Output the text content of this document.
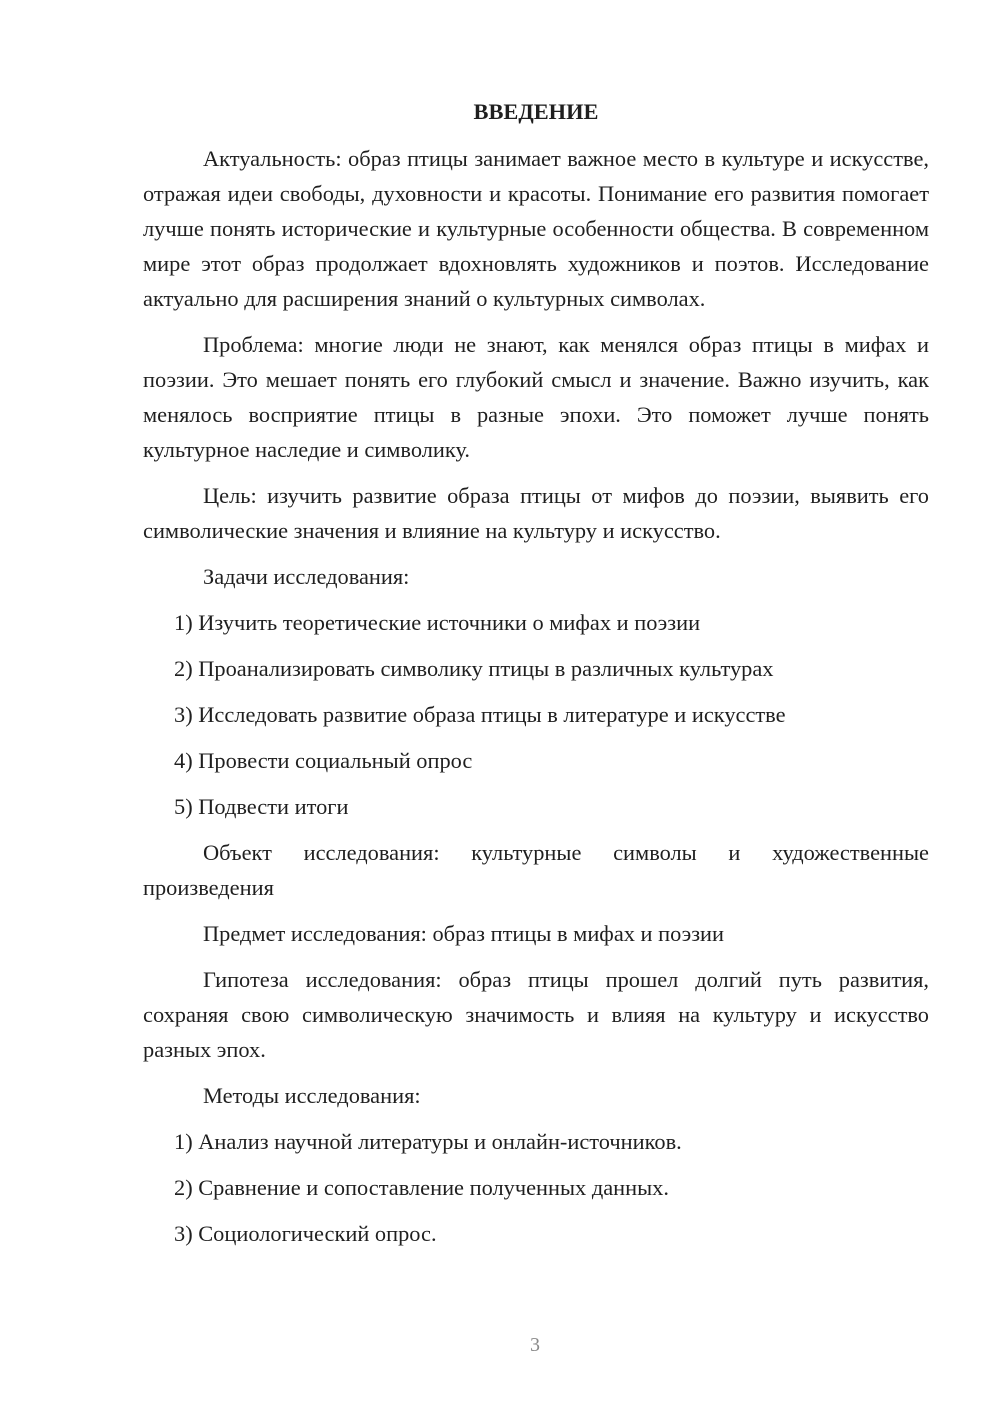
ВВЕДЕНИЕ

Актуальность: образ птицы занимает важное место в культуре и искусстве, отражая идеи свободы, духовности и красоты. Понимание его развития помогает лучше понять исторические и культурные особенности общества. В современном мире этот образ продолжает вдохновлять художников и поэтов. Исследование актуально для расширения знаний о культурных символах.

Проблема: многие люди не знают, как менялся образ птицы в мифах и поэзии. Это мешает понять его глубокий смысл и значение. Важно изучить, как менялось восприятие птицы в разные эпохи. Это поможет лучше понять культурное наследие и символику.

Цель: изучить развитие образа птицы от мифов до поэзии, выявить его символические значения и влияние на культуру и искусство.

Задачи исследования:

1) Изучить теоретические источники о мифах и поэзии

2) Проанализировать символику птицы в различных культурах

3) Исследовать развитие образа птицы в литературе и искусстве

4) Провести социальный опрос

5) Подвести итоги

Объект исследования: культурные символы и художественные произведения

Предмет исследования: образ птицы в мифах и поэзии

Гипотеза исследования: образ птицы прошел долгий путь развития, сохраняя свою символическую значимость и влияя на культуру и искусство разных эпох.

Методы исследования:

1) Анализ научной литературы и онлайн-источников.

2) Сравнение и сопоставление полученных данных.

3) Социологический опрос.

3
